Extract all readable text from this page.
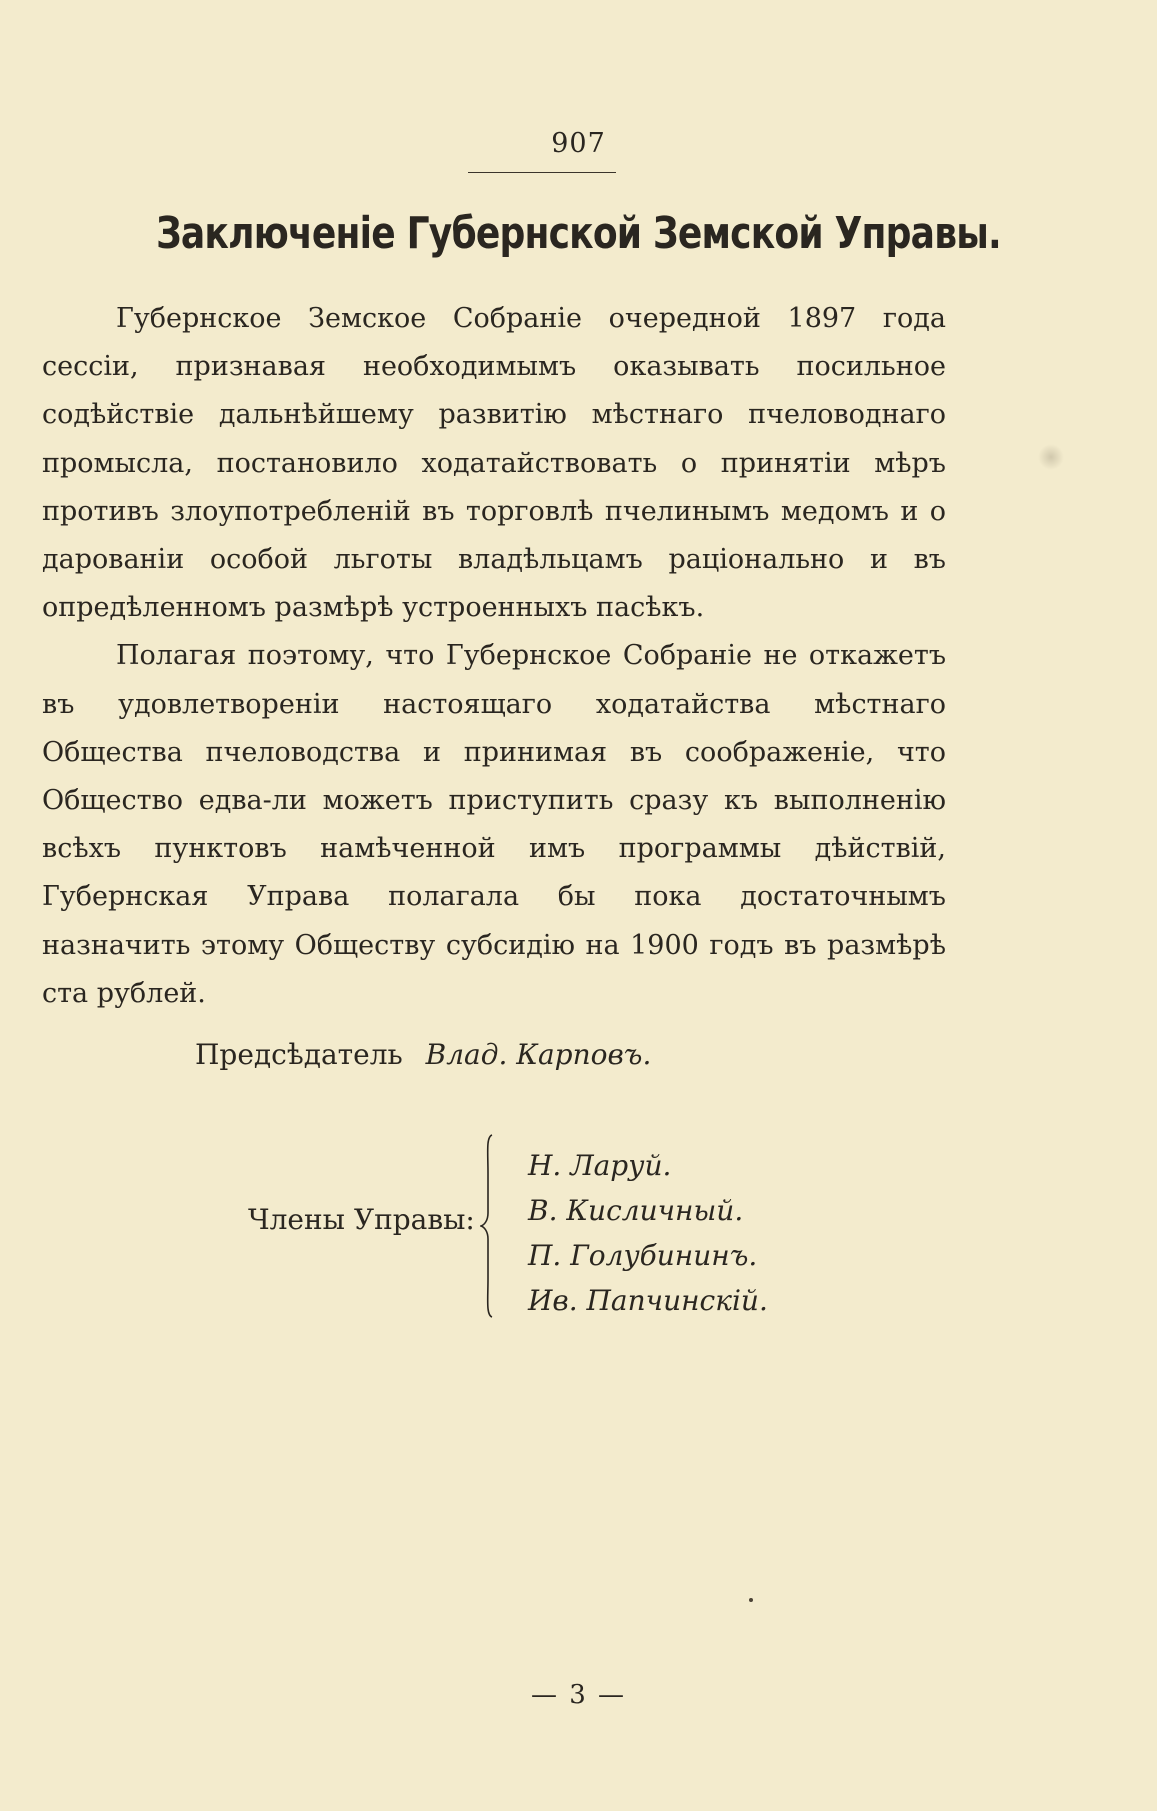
907
Заключеніе Губернской Земской Управы.

Губернское Земское Собраніе очередной 1897 года сессіи, признавая необходимымъ оказывать посильное содѣйствіе дальнѣйшему развитію мѣстнаго пчеловоднаго промысла, постановило ходатайствовать о принятіи мѣръ противъ злоупотребленій въ торговлѣ пчелинымъ медомъ и о дарованіи особой льготы владѣльцамъ раціонально и въ опредѣленномъ размѣрѣ устроенныхъ пасѣкъ.

Полагая поэтому, что Губернское Собраніе не откажетъ въ удовлетвореніи настоящаго ходатайства мѣстнаго Общества пчеловодства и принимая въ соображеніе, что Общество едва-ли можетъ приступить сразу къ выполненію всѣхъ пунктовъ намѣченной имъ программы дѣйствій, Губернская Управа полагала бы пока достаточнымъ назначить этому Обществу субсидію на 1900 годъ въ размѣрѣ ста рублей.

Предсѣдатель Влад. Карповъ.
Члены Управы:
Н. Ларуй.
В. Кисличный.
П. Голубининъ.
Ив. Папчинскій.
— 3 —
